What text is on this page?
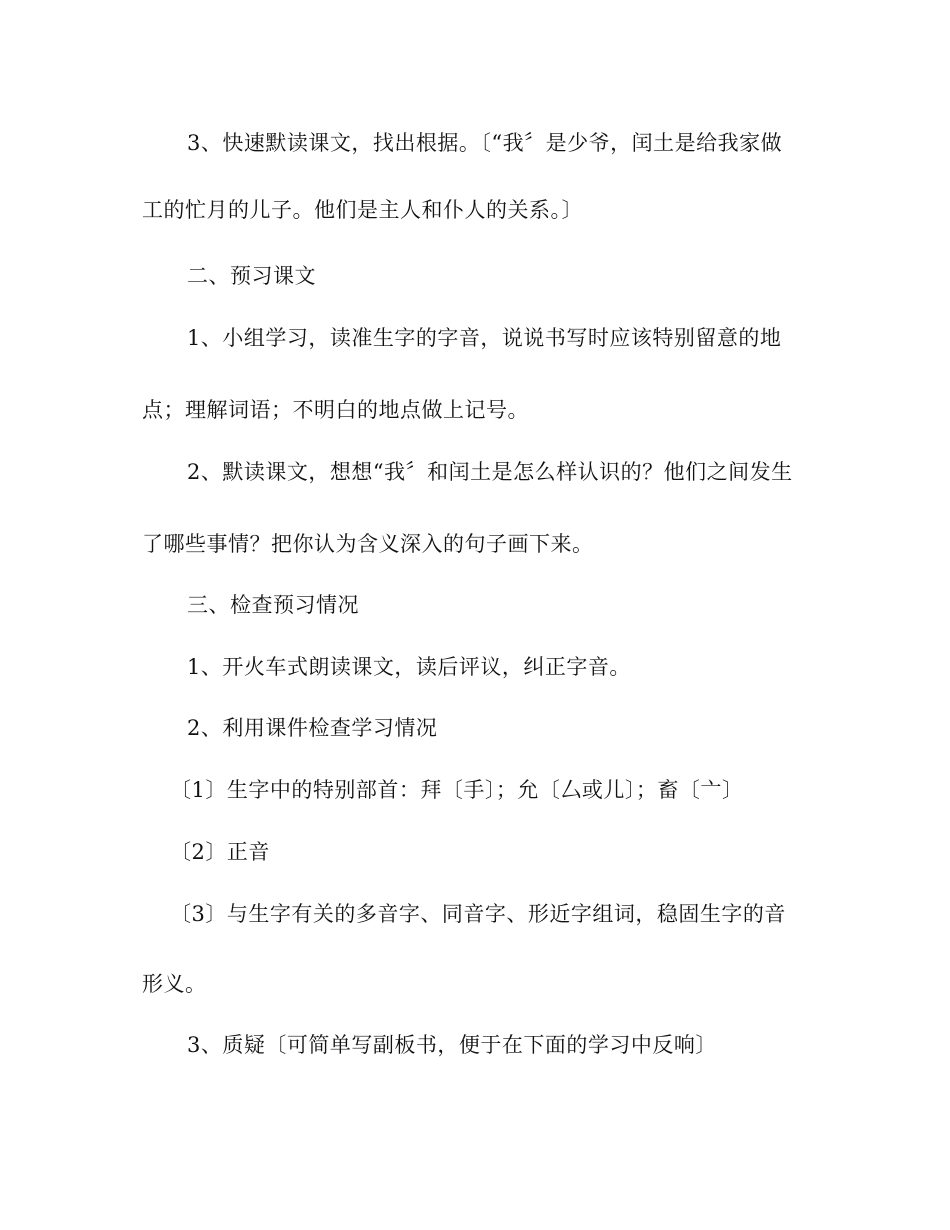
3、快速默读课文，找出根据。〔“我〞是少爷，闰土是给我家做
工的忙月的儿子。他们是主人和仆人的关系。〕
二、预习课文
1、小组学习，读准生字的字音，说说书写时应该特别留意的地
点；理解词语；不明白的地点做上记号。
2、默读课文，想想“我〞和闰土是怎么样认识的？他们之间发生
了哪些事情？把你认为含义深入的句子画下来。
三、检查预习情况
1、开火车式朗读课文，读后评议，纠正字音。
2、利用课件检查学习情况
〔1〕生字中的特别部首：拜〔手〕；允〔厶或儿〕；畜〔亠〕
〔2〕正音
〔3〕与生字有关的多音字、同音字、形近字组词，稳固生字的音
形义。
3、质疑〔可简单写副板书，便于在下面的学习中反响〕
